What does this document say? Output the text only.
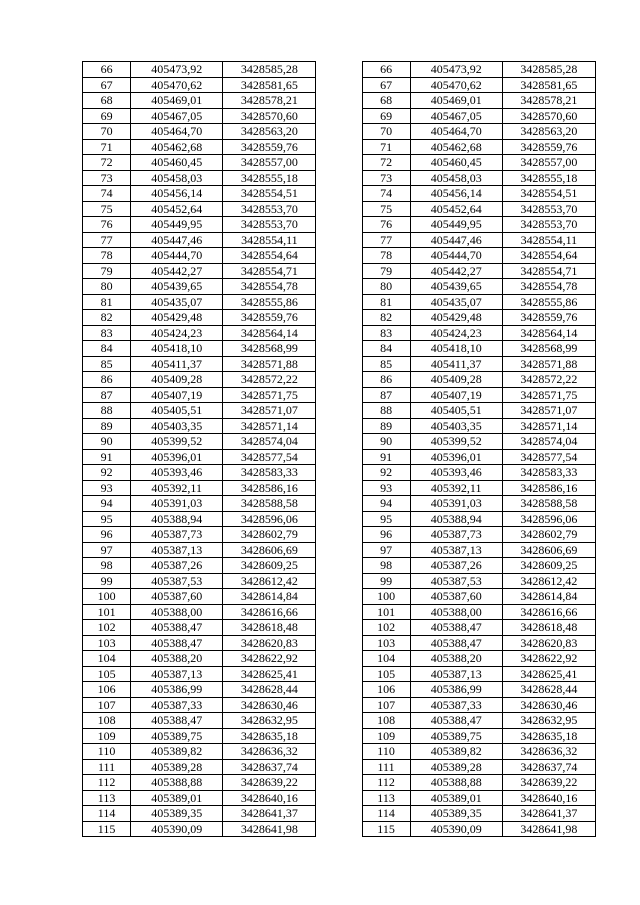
66	405473,92	3428585,28		66	405473,92	3428585,28
67	405470,62	3428581,65		67	405470,62	3428581,65
68	405469,01	3428578,21		68	405469,01	3428578,21
69	405467,05	3428570,60		69	405467,05	3428570,60
70	405464,70	3428563,20		70	405464,70	3428563,20
71	405462,68	3428559,76		71	405462,68	3428559,76
72	405460,45	3428557,00		72	405460,45	3428557,00
73	405458,03	3428555,18		73	405458,03	3428555,18
74	405456,14	3428554,51		74	405456,14	3428554,51
75	405452,64	3428553,70		75	405452,64	3428553,70
76	405449,95	3428553,70		76	405449,95	3428553,70
77	405447,46	3428554,11		77	405447,46	3428554,11
78	405444,70	3428554,64		78	405444,70	3428554,64
79	405442,27	3428554,71		79	405442,27	3428554,71
80	405439,65	3428554,78		80	405439,65	3428554,78
81	405435,07	3428555,86		81	405435,07	3428555,86
82	405429,48	3428559,76		82	405429,48	3428559,76
83	405424,23	3428564,14		83	405424,23	3428564,14
84	405418,10	3428568,99		84	405418,10	3428568,99
85	405411,37	3428571,88		85	405411,37	3428571,88
86	405409,28	3428572,22		86	405409,28	3428572,22
87	405407,19	3428571,75		87	405407,19	3428571,75
88	405405,51	3428571,07		88	405405,51	3428571,07
89	405403,35	3428571,14		89	405403,35	3428571,14
90	405399,52	3428574,04		90	405399,52	3428574,04
91	405396,01	3428577,54		91	405396,01	3428577,54
92	405393,46	3428583,33		92	405393,46	3428583,33
93	405392,11	3428586,16		93	405392,11	3428586,16
94	405391,03	3428588,58		94	405391,03	3428588,58
95	405388,94	3428596,06		95	405388,94	3428596,06
96	405387,73	3428602,79		96	405387,73	3428602,79
97	405387,13	3428606,69		97	405387,13	3428606,69
98	405387,26	3428609,25		98	405387,26	3428609,25
99	405387,53	3428612,42		99	405387,53	3428612,42
100	405387,60	3428614,84		100	405387,60	3428614,84
101	405388,00	3428616,66		101	405388,00	3428616,66
102	405388,47	3428618,48		102	405388,47	3428618,48
103	405388,47	3428620,83		103	405388,47	3428620,83
104	405388,20	3428622,92		104	405388,20	3428622,92
105	405387,13	3428625,41		105	405387,13	3428625,41
106	405386,99	3428628,44		106	405386,99	3428628,44
107	405387,33	3428630,46		107	405387,33	3428630,46
108	405388,47	3428632,95		108	405388,47	3428632,95
109	405389,75	3428635,18		109	405389,75	3428635,18
110	405389,82	3428636,32		110	405389,82	3428636,32
111	405389,28	3428637,74		111	405389,28	3428637,74
112	405388,88	3428639,22		112	405388,88	3428639,22
113	405389,01	3428640,16		113	405389,01	3428640,16
114	405389,35	3428641,37		114	405389,35	3428641,37
115	405390,09	3428641,98		115	405390,09	3428641,98
